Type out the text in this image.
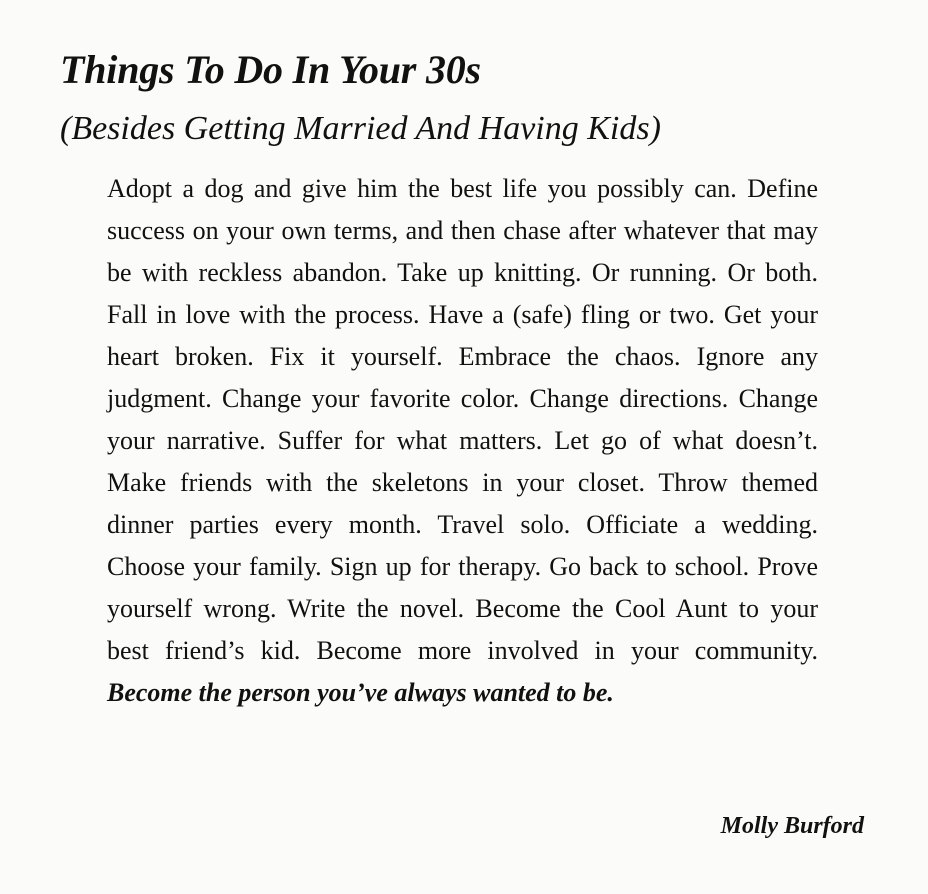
Things To Do In Your 30s
(Besides Getting Married And Having Kids)

Adopt a dog and give him the best life you possibly can. Define success on your own terms, and then chase after whatever that may be with reckless abandon. Take up knitting. Or running. Or both. Fall in love with the process. Have a (safe) fling or two. Get your heart broken. Fix it yourself. Embrace the chaos. Ignore any judgment. Change your favorite color. Change directions. Change your narrative. Suffer for what matters. Let go of what doesn’t. Make friends with the skeletons in your closet. Throw themed dinner parties every month. Travel solo. Officiate a wedding. Choose your family. Sign up for therapy. Go back to school. Prove yourself wrong. Write the novel. Become the Cool Aunt to your best friend’s kid. Become more involved in your community. Become the person you’ve always wanted to be.

Molly Burford
